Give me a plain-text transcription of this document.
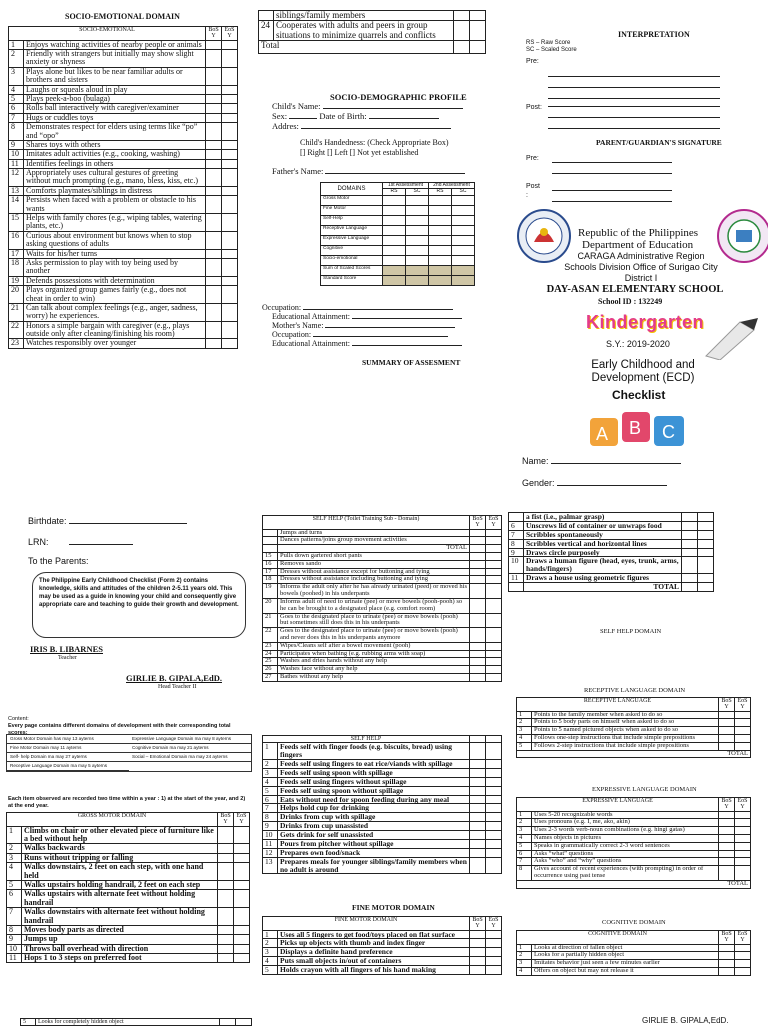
SOCIO-EMOTIONAL DOMAIN
SOCIO-EMOTIONAL		BoS Y	EoS Y
1	Enjoys watching activities of nearby people or animals		
2	Friendly with strangers but initially may show slight anxiety or shyness		
3	Plays alone but likes to be near familiar adults or brothers and sisters		
4	Laughs or squeals aloud in play		
5	Plays peek-a-boo (bulaga)		
6	Rolls ball interactively with caregiver/examiner		
7	Hugs or cuddles toys		
8	Demonstrates respect for elders using terms like “po” and “opo”		
9	Shares toys with others		
10	Imitates adult activities (e.g., cooking, washing)		
11	Identifies feelings in others		
12	Appropriately uses cultural gestures of greeting without much prompting (e.g., mano, bless, kiss, etc.)		
13	Comforts playmates/siblings in distress		
14	Persists when faced with a problem or obstacle to his wants		
15	Helps with family chores (e.g., wiping tables, watering plants, etc.)		
16	Curious about environment but knows when to stop asking questions of adults		
17	Waits for his/her turns		
18	Asks permission to play with toy being used by another		
19	Defends possessions with determination		
20	Plays organized group games fairly (e.g., does not cheat in order to win)		
21	Can talk about complex feelings (e.g., anger, sadness, worry) he experiences.		
22	Honors a simple bargain with caregiver (e.g., plays outside only after cleaning/finishing his room)		
23	Watches responsibly over younger		
	siblings/family members		
24	Cooperates with adults and peers in group situations to minimize quarrels and conflicts		
Total			
SOCIO-DEMOGRAPHIC PROFILE
Child's Name:
Sex:	Date of Birth:
Addres:
Child's Handedness: (Check Appropriate Box)
[] Right [] Left [] Not yet established
Father's Name:
DOMAINS	1st Assessment		2nd Assessment	
	RS	SC	RS	SC
Gross Motor				
Fine Motor				
Self-Help				
Receptive Language				
Expressive Language				
Cognitive				
Socio-emotional				
Sum of Scaled Scores				
Standard Score				
Occupation:
Educational Attainment:
Mother's Name:
Occupation:
Educational Attainment:
SUMMARY OF ASSESMENT
INTERPRETATION
RS – Raw Score
SC – Scaled Score
Pre:
Post:
PARENT/GUARDIAN'S SIGNATURE
Pre:
Post
:
Republic of the Philippines
Department of Education
CARAGA Administrative Region
Schools Division Office of Surigao City
District I
DAY-ASAN ELEMENTARY SCHOOL
School ID : 132249
Kindergarten
S.Y.: 2019-2020
Early Childhood and
Development (ECD)
Checklist
A B C
Name:
Gender:
Birthdate:
LRN:
To the Parents:
The Philippine Early Childhood Checklist (Form 2) contains knowledge, skills and attitudes of the children 2-5.11 years old. This may be used as a guide in knowing your child and consequently give appropriate care and teaching to guide their growth and development.
IRIS B. LIBARNES
Teacher
GIRLIE B. GIPALA,EdD.
Head Teacher II
Content:
Every page contains different domains of development with their corresponding total scores:
Gross Motor Domain has may 13 ayterns	Expressive Language Domain ma may 8 ayterns
Fine Motor Domain may 11 ayterns	Cognitive Domain ma may 21 ayterns
Self- help Domain ma may 27 ayterns	Social – Emotional Domain ma may 24 ayterns
Receptive Language Domain ma may 5 ayterns
Each item observed are recorded two time within a year : 1) at the start of the year, and 2) at the end year.
GROSS MOTOR DOMAIN		BoS Y	EoS Y
1	Climbs on chair or other elevated piece of furniture like a bed without help		
2	Walks backwards		
3	Runs without tripping or falling		
4	Walks downstairs, 2 feet on each step, with one hand held		
5	Walks upstairs holding handrail, 2 feet on each step		
6	Walks upstairs with alternate feet without holding handrail		
7	Walks downstairs with alternate feet without holding handrail		
8	Moves body parts as directed		
9	Jumps up		
10	Throws ball overhead with direction		
11	Hops 1 to 3 steps on preferred foot		
SELF HELP (Toilet Training Sub - Domain)		BoS Y	EoS Y
	Jumps and turns		
	Dances patterns/joins group movement activities		
	TOTAL		
15	Pulls down gartered short pants		
16	Removes sando		
17	Dresses without assistance except for buttoning and tying		
18	Dresses without assistance including buttoning and tying		
19	Informs the adult only after he has already urinated (peed) or moved his bowels (poohed) in his underpants		
20	Informs adult of need to urinate (pee) or move bowels (pooh-pooh) so he can be brought to a designated place (e.g. comfort room)		
21	Goes to the designated place to urinate (pee) or move bowels (pooh) but sometimes still does this in his underpants		
22	Goes to the designated place to urinate (pee) or move bowels (pooh) and never does this in his underpants anymore		
23	Wipes/Cleans self after a bowel movement (pooh)		
24	Participates when bathing (e.g. rubbing arms with soap)		
25	Washes and dries hands without any help		
26	Washes face without any help		
27	Bathes without any help		
SELF HELP			
1	Feeds self with finger foods (e.g. biscuits, bread) using fingers		
2	Feeds self using fingers to eat rice/viands with spillage		
3	Feeds self using spoon with spillage		
4	Feeds self using fingers without spillage		
5	Feeds self using spoon without spillage		
6	Eats without need for spoon feeding during any meal		
7	Helps hold cup for drinking		
8	Drinks from cup with spillage		
9	Drinks from cup unassisted		
10	Gets drink for self unassisted		
11	Pours from pitcher without spillage		
12	Prepares own food/snack		
13	Prepares meals for younger siblings/family members when no adult is around		
FINE MOTOR DOMAIN
FINE MOTOR DOMAIN		BoS Y	EoS Y
1	Uses all 5 fingers to get food/toys placed on flat surface		
2	Picks up objects with thumb and index finger		
3	Displays a definite hand preference		
4	Puts small objects in/out of containers		
5	Holds crayon with all fingers of his hand making		
	a fist (i.e., palmar grasp)		
6	Unscrews lid of container or unwraps food		
7	Scribbles spontaneously		
8	Scribbles vertical and horizontal lines		
9	Draws circle purposely		
10	Draws a human figure (head, eyes, trunk, arms, hands/fingers)		
11	Draws a house using geometric figures		
	TOTAL		
SELF HELP DOMAIN
RECEPTIVE LANGUAGE DOMAIN
RECEPTIVE LANGUAGE		BoS Y	EoS Y
1	Points to the family member when asked to do so		
2	Points to 5 body parts on himself when asked to do so		
3	Points to 5 named pictured objects when asked to do so		
4	Follows one-step instructions that include simple prepositions		
5	Follows 2-step instructions that include simple prepositions		
TOTAL			
EXPRESSIVE LANGUAGE DOMAIN
EXPRESSIVE LANGUAGE		BoS Y	EoS Y
1	Uses 5-20 recognizable words		
2	Uses pronouns (e.g. I, me, ako, akin)		
3	Uses 2-3 words verb-noun combinations (e.g. hingi gatas)		
4	Names objects in pictures		
5	Speaks in grammatically correct 2-3 word sentences		
6	Asks “what” questions		
7	Asks “who” and “why” questions		
8	Gives account of recent experiences (with prompting) in order of occurrence using past tense		
TOTAL			
COGNITIVE DOMAIN
COGNITIVE DOMAIN		BoS Y	EoS Y
1	Looks at direction of fallen object		
2	Looks for a partially hidden object		
3	Imitates behavior just seen a few minutes earlier		
4	Offers on object but may not release it		
5	Looks for completely hidden object			GIRLIE B. GIPALA,EdD.
